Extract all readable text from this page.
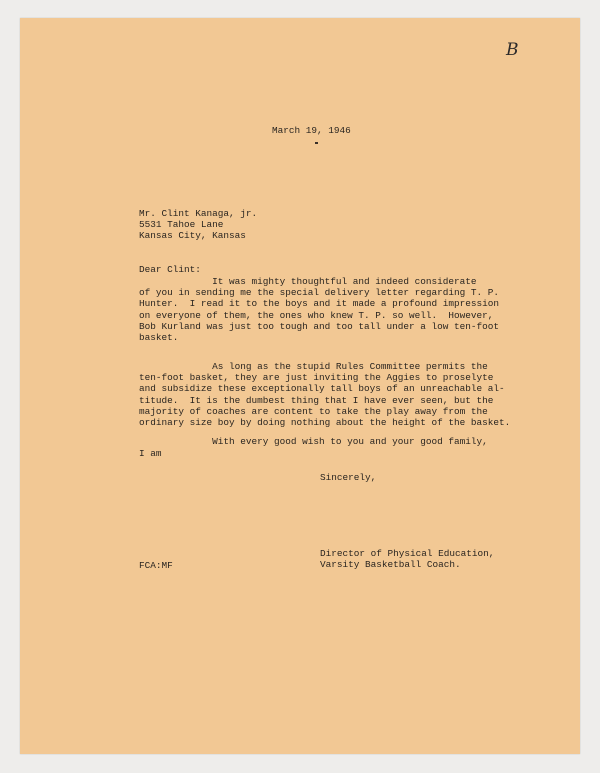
B
March 19, 1946
Mr. Clint Kanaga, jr.
5531 Tahoe Lane
Kansas City, Kansas
Dear Clint:
It was mighty thoughtful and indeed considerate
of you in sending me the special delivery letter regarding T. P.
Hunter.  I read it to the boys and it made a profound impression
on everyone of them, the ones who knew T. P. so well.  However,
Bob Kurland was just too tough and too tall under a low ten-foot
basket.
As long as the stupid Rules Committee permits the
ten-foot basket, they are just inviting the Aggies to proselyte
and subsidize these exceptionally tall boys of an unreachable al-
titude.  It is the dumbest thing that I have ever seen, but the
majority of coaches are content to take the play away from the
ordinary size boy by doing nothing about the height of the basket.
With every good wish to you and your good family,
I am
Sincerely,
Director of Physical Education,
Varsity Basketball Coach.
FCA:MF
